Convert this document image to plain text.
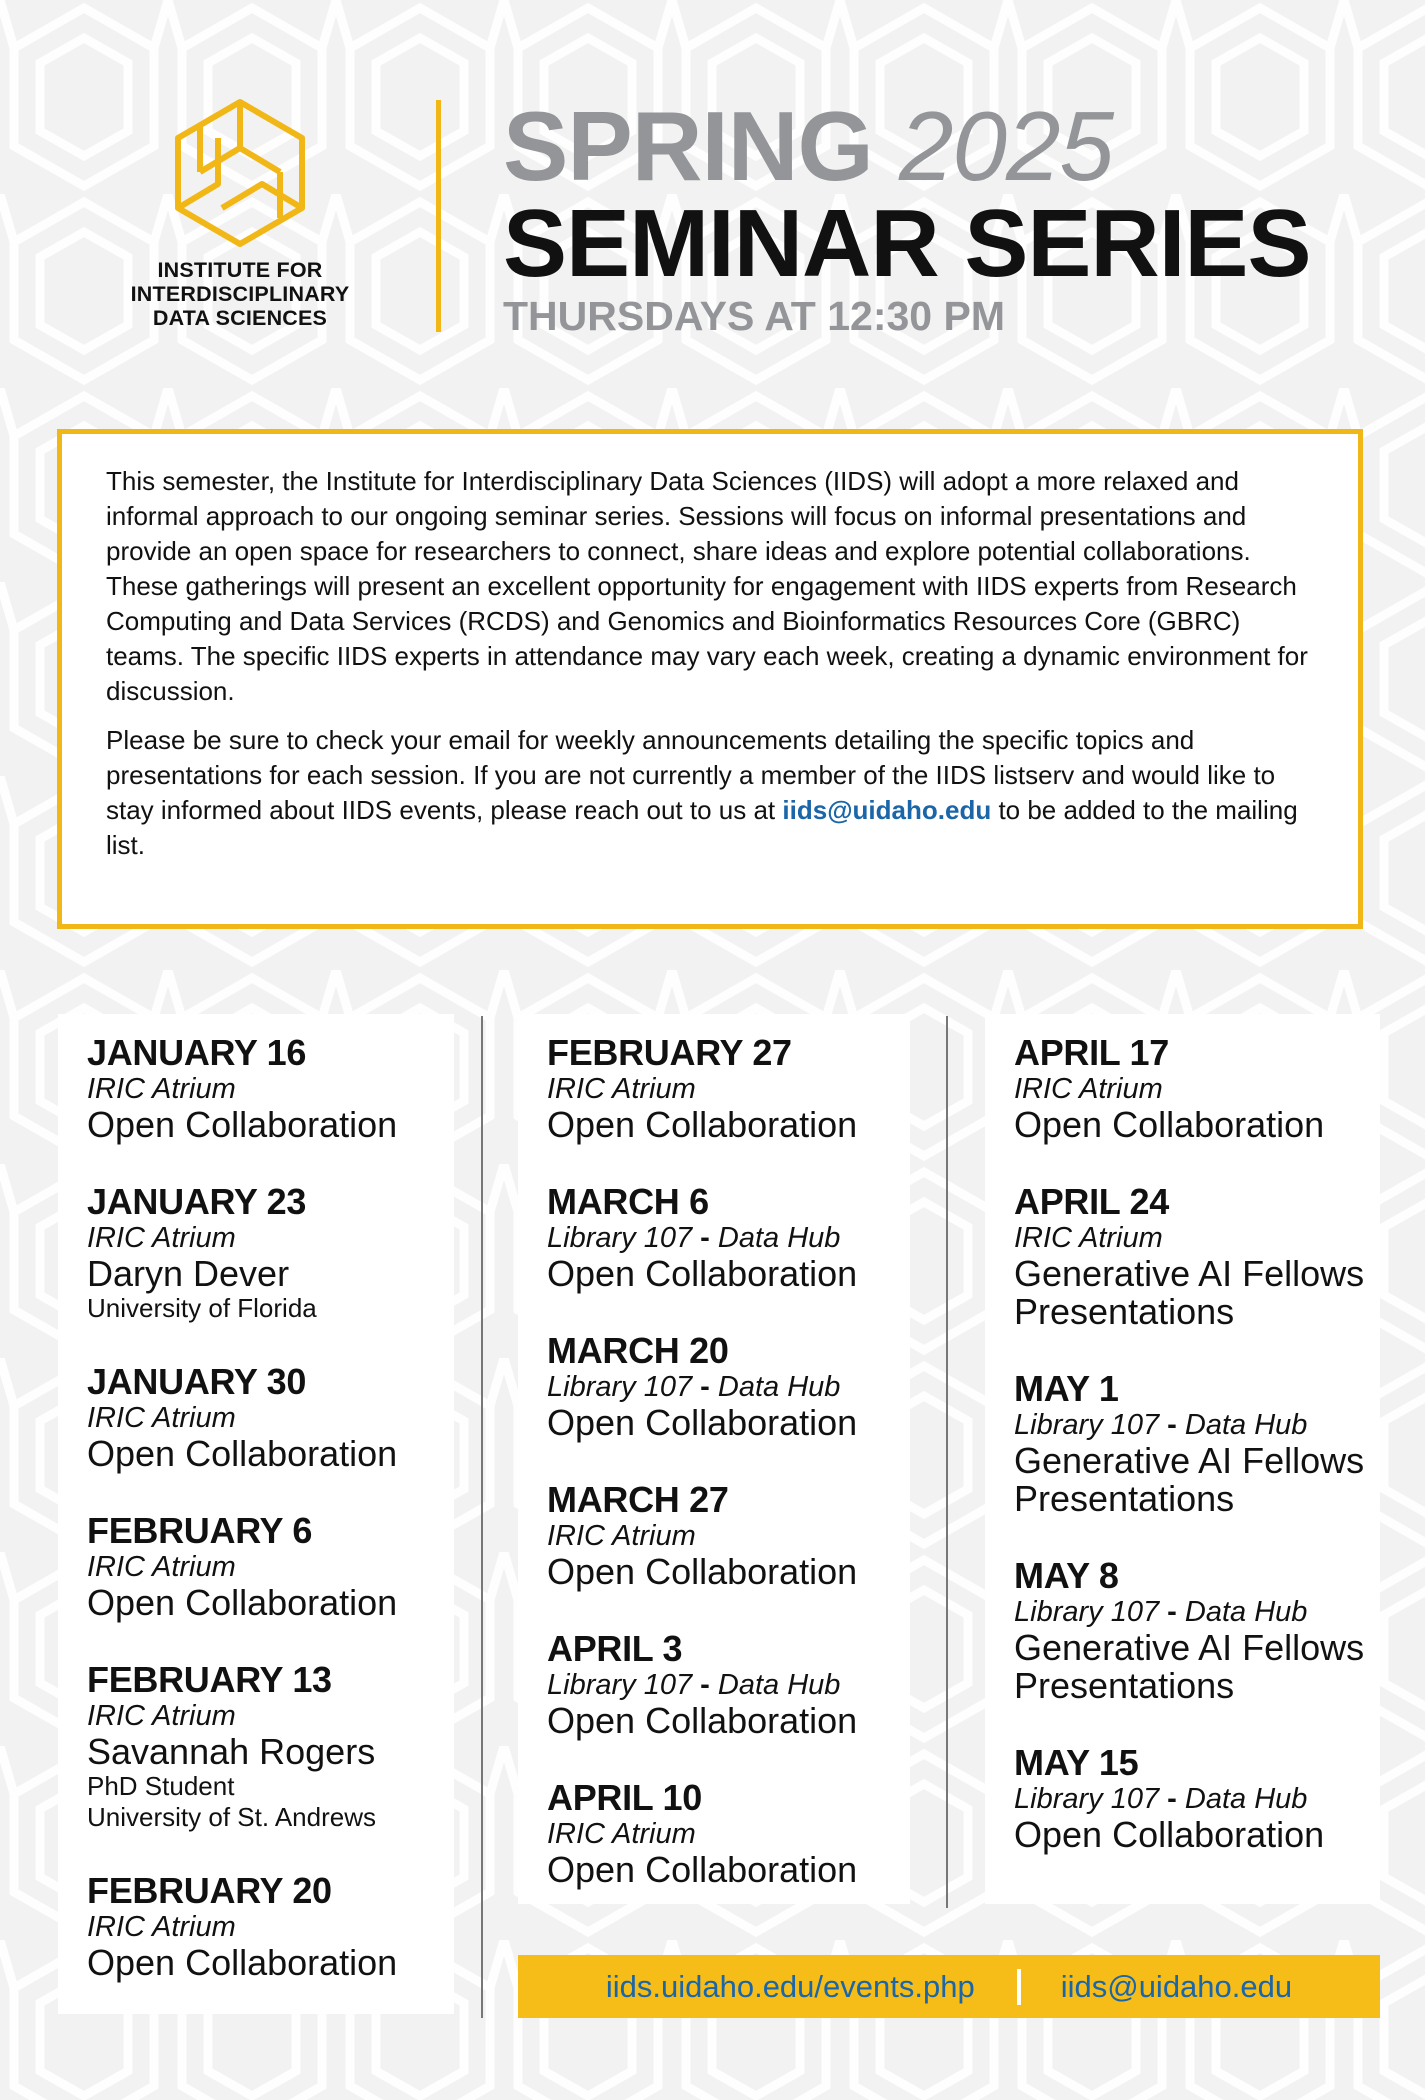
INSTITUTE FOR
INTERDISCIPLINARY
DATA SCIENCES
SPRING 2025
SEMINAR SERIES
THURSDAYS AT 12:30 PM

This semester, the Institute for Interdisciplinary Data Sciences (IIDS) will adopt a more relaxed and informal approach to our ongoing seminar series. Sessions will focus on informal presentations and provide an open space for researchers to connect, share ideas and explore potential collaborations. These gatherings will present an excellent opportunity for engagement with IIDS experts from Research Computing and Data Services (RCDS) and Genomics and Bioinformatics Resources Core (GBRC) teams. The specific IIDS experts in attendance may vary each week, creating a dynamic environment for discussion.

Please be sure to check your email for weekly announcements detailing the specific topics and presentations for each session. If you are not currently a member of the IIDS listserv and would like to stay informed about IIDS events, please reach out to us at iids@uidaho.edu to be added to the mailing list.

JANUARY 16
IRIC Atrium
Open Collaboration
JANUARY 23
IRIC Atrium
Daryn Dever
University of Florida
JANUARY 30
IRIC Atrium
Open Collaboration
FEBRUARY 6
IRIC Atrium
Open Collaboration
FEBRUARY 13
IRIC Atrium
Savannah Rogers
PhD Student
University of St. Andrews
FEBRUARY 20
IRIC Atrium
Open Collaboration
FEBRUARY 27
IRIC Atrium
Open Collaboration
MARCH 6
Library 107 - Data Hub
Open Collaboration
MARCH 20
Library 107 - Data Hub
Open Collaboration
MARCH 27
IRIC Atrium
Open Collaboration
APRIL 3
Library 107 - Data Hub
Open Collaboration
APRIL 10
IRIC Atrium
Open Collaboration
APRIL 17
IRIC Atrium
Open Collaboration
APRIL 24
IRIC Atrium
Generative AI Fellows
Presentations
MAY 1
Library 107 - Data Hub
Generative AI Fellows
Presentations
MAY 8
Library 107 - Data Hub
Generative AI Fellows
Presentations
MAY 15
Library 107 - Data Hub
Open Collaboration
iids.uidaho.edu/events.php	iids@uidaho.edu
